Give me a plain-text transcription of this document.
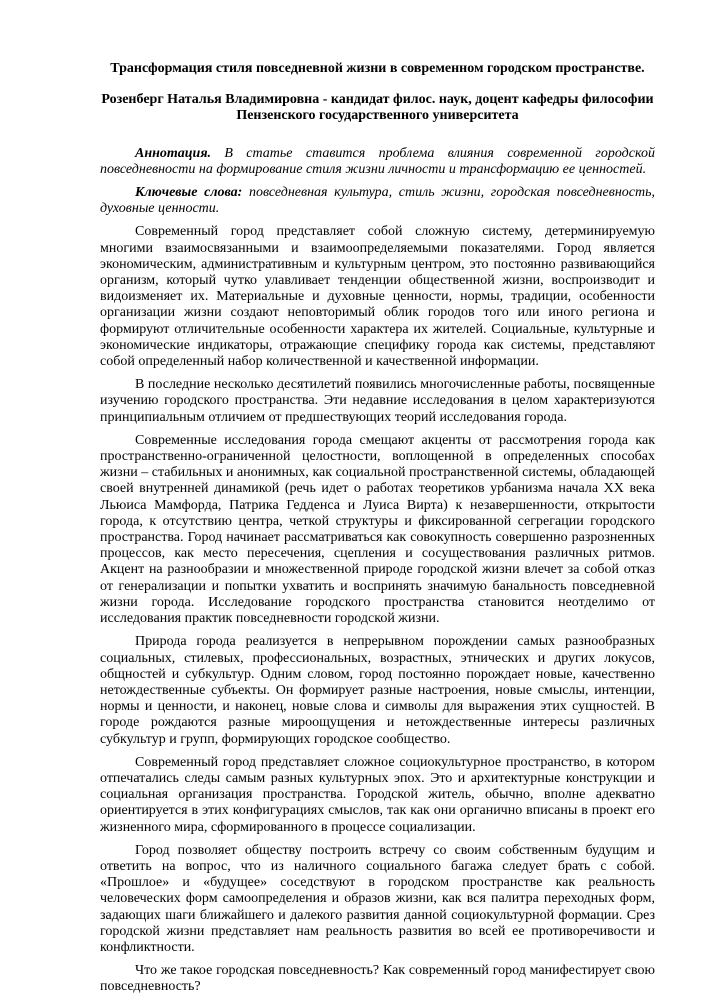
Трансформация стиля повседневной жизни в современном городском пространстве.
Розенберг Наталья Владимировна - кандидат филос. наук, доцент кафедры философии
Пензенского государственного университета

Аннотация. В статье ставится проблема влияния современной городской повседневности на формирование стиля жизни личности и трансформацию ее ценностей.

Ключевые слова: повседневная культура, стиль жизни, городская повседневность, духовные ценности.

Современный город представляет собой сложную систему, детерминируемую многими взаимосвязанными и взаимоопределяемыми показателями. Город является экономическим, административным и культурным центром, это постоянно развивающийся организм, который чутко улавливает тенденции общественной жизни, воспроизводит и видоизменяет их. Материальные и духовные ценности, нормы, традиции, особенности организации жизни создают неповторимый облик городов того или иного региона и формируют отличительные особенности характера их жителей. Социальные, культурные и экономические индикаторы, отражающие специфику города как системы, представляют собой определенный набор количественной и качественной информации.

В последние несколько десятилетий появились многочисленные работы, посвященные изучению городского пространства. Эти недавние исследования в целом характеризуются принципиальным отличием от предшествующих теорий исследования города.

Современные исследования города смещают акценты от рассмотрения города как пространственно-ограниченной целостности, воплощенной в определенных способах жизни – стабильных и анонимных, как социальной пространственной системы, обладающей своей внутренней динамикой (речь идет о работах теоретиков урбанизма начала XX века Льюиса Мамфорда, Патрика Гедденса и Луиса Вирта) к незавершенности, открытости города, к отсутствию центра, четкой структуры и фиксированной сегрегации городского пространства. Город начинает рассматриваться как совокупность совершенно разрозненных процессов, как место пересечения, сцепления и сосуществования различных ритмов. Акцент на разнообразии и множественной природе городской жизни влечет за собой отказ от генерализации и попытки ухватить и воспринять значимую банальность повседневной жизни города. Исследование городского пространства становится неотделимо от исследования практик повседневности городской жизни.

Природа города реализуется в непрерывном порождении самых разнообразных социальных, стилевых, профессиональных, возрастных, этнических и других локусов, общностей и субкультур. Одним словом, город постоянно порождает новые, качественно нетождественные субъекты. Он формирует разные настроения, новые смыслы, интенции, нормы и ценности, и наконец, новые слова и символы для выражения этих сущностей. В городе рождаются разные мироощущения и нетождественные интересы различных субкультур и групп, формирующих городское сообщество.

Современный город представляет сложное социокультурное пространство, в котором отпечатались следы самым разных культурных эпох. Это и архитектурные конструкции и социальная организация пространства. Городской житель, обычно, вполне адекватно ориентируется в этих конфигурациях смыслов, так как они органично вписаны в проект его жизненного мира, сформированного в процессе социализации.

Город позволяет обществу построить встречу со своим собственным будущим и ответить на вопрос, что из наличного социального багажа следует брать с собой. «Прошлое» и «будущее» соседствуют в городском пространстве как реальность человеческих форм самоопределения и образов жизни, как вся палитра переходных форм, задающих шаги ближайшего и далекого развития данной социокультурной формации. Срез городской жизни представляет нам реальность развития во всей ее противоречивости и конфликтности.

Что же такое городская повседневность? Как современный город манифестирует свою повседневность?
